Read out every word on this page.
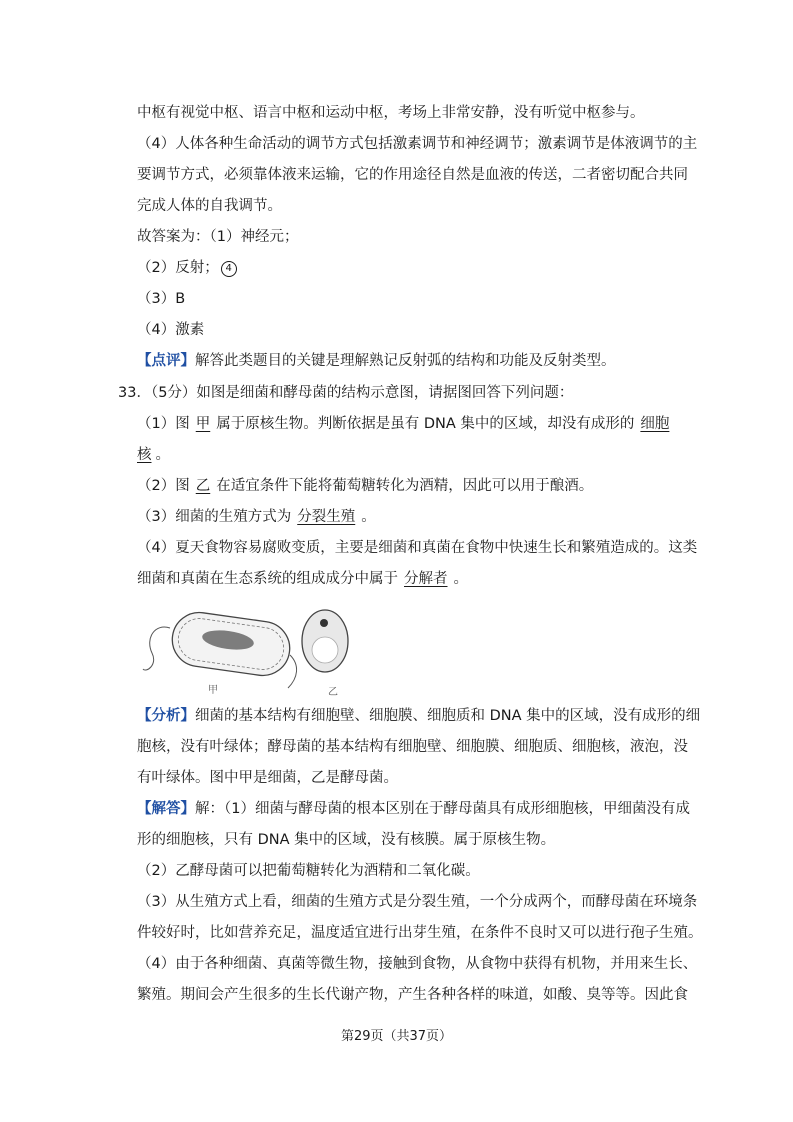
中枢有视觉中枢、语言中枢和运动中枢，考场上非常安静，没有听觉中枢参与。
（4）人体各种生命活动的调节方式包括激素调节和神经调节；激素调节是体液调节的主
要调节方式，必须靠体液来运输，它的作用途径自然是血液的传送，二者密切配合共同
完成人体的自我调节。
故答案为：（1）神经元；
（2）反射； 4
（3）B
（4）激素
【点评】解答此类题目的关键是理解熟记反射弧的结构和功能及反射类型。
33．（5分）如图是细菌和酵母菌的结构示意图，请据图回答下列问题：
（1）图 甲 属于原核生物。判断依据是虽有 DNA 集中的区域，却没有成形的 细胞
核 。
（2）图 乙 在适宜条件下能将葡萄糖转化为酒精，因此可以用于酿酒。
（3）细菌的生殖方式为 分裂生殖 。
（4）夏天食物容易腐败变质，主要是细菌和真菌在食物中快速生长和繁殖造成的。这类
细菌和真菌在生态系统的组成成分中属于 分解者 。
甲	乙
【分析】细菌的基本结构有细胞壁、细胞膜、细胞质和 DNA 集中的区域，没有成形的细
胞核，没有叶绿体；酵母菌的基本结构有细胞壁、细胞膜、细胞质、细胞核，液泡，没
有叶绿体。图中甲是细菌，乙是酵母菌。
【解答】解：（1）细菌与酵母菌的根本区别在于酵母菌具有成形细胞核，甲细菌没有成
形的细胞核，只有 DNA 集中的区域，没有核膜。属于原核生物。
（2）乙酵母菌可以把葡萄糖转化为酒精和二氧化碳。
（3）从生殖方式上看，细菌的生殖方式是分裂生殖，一个分成两个，而酵母菌在环境条
件较好时，比如营养充足，温度适宜进行出芽生殖，在条件不良时又可以进行孢子生殖。
（4）由于各种细菌、真菌等微生物，接触到食物，从食物中获得有机物，并用来生长、
繁殖。期间会产生很多的生长代谢产物，产生各种各样的味道，如酸、臭等等。因此食
第29页（共37页）
